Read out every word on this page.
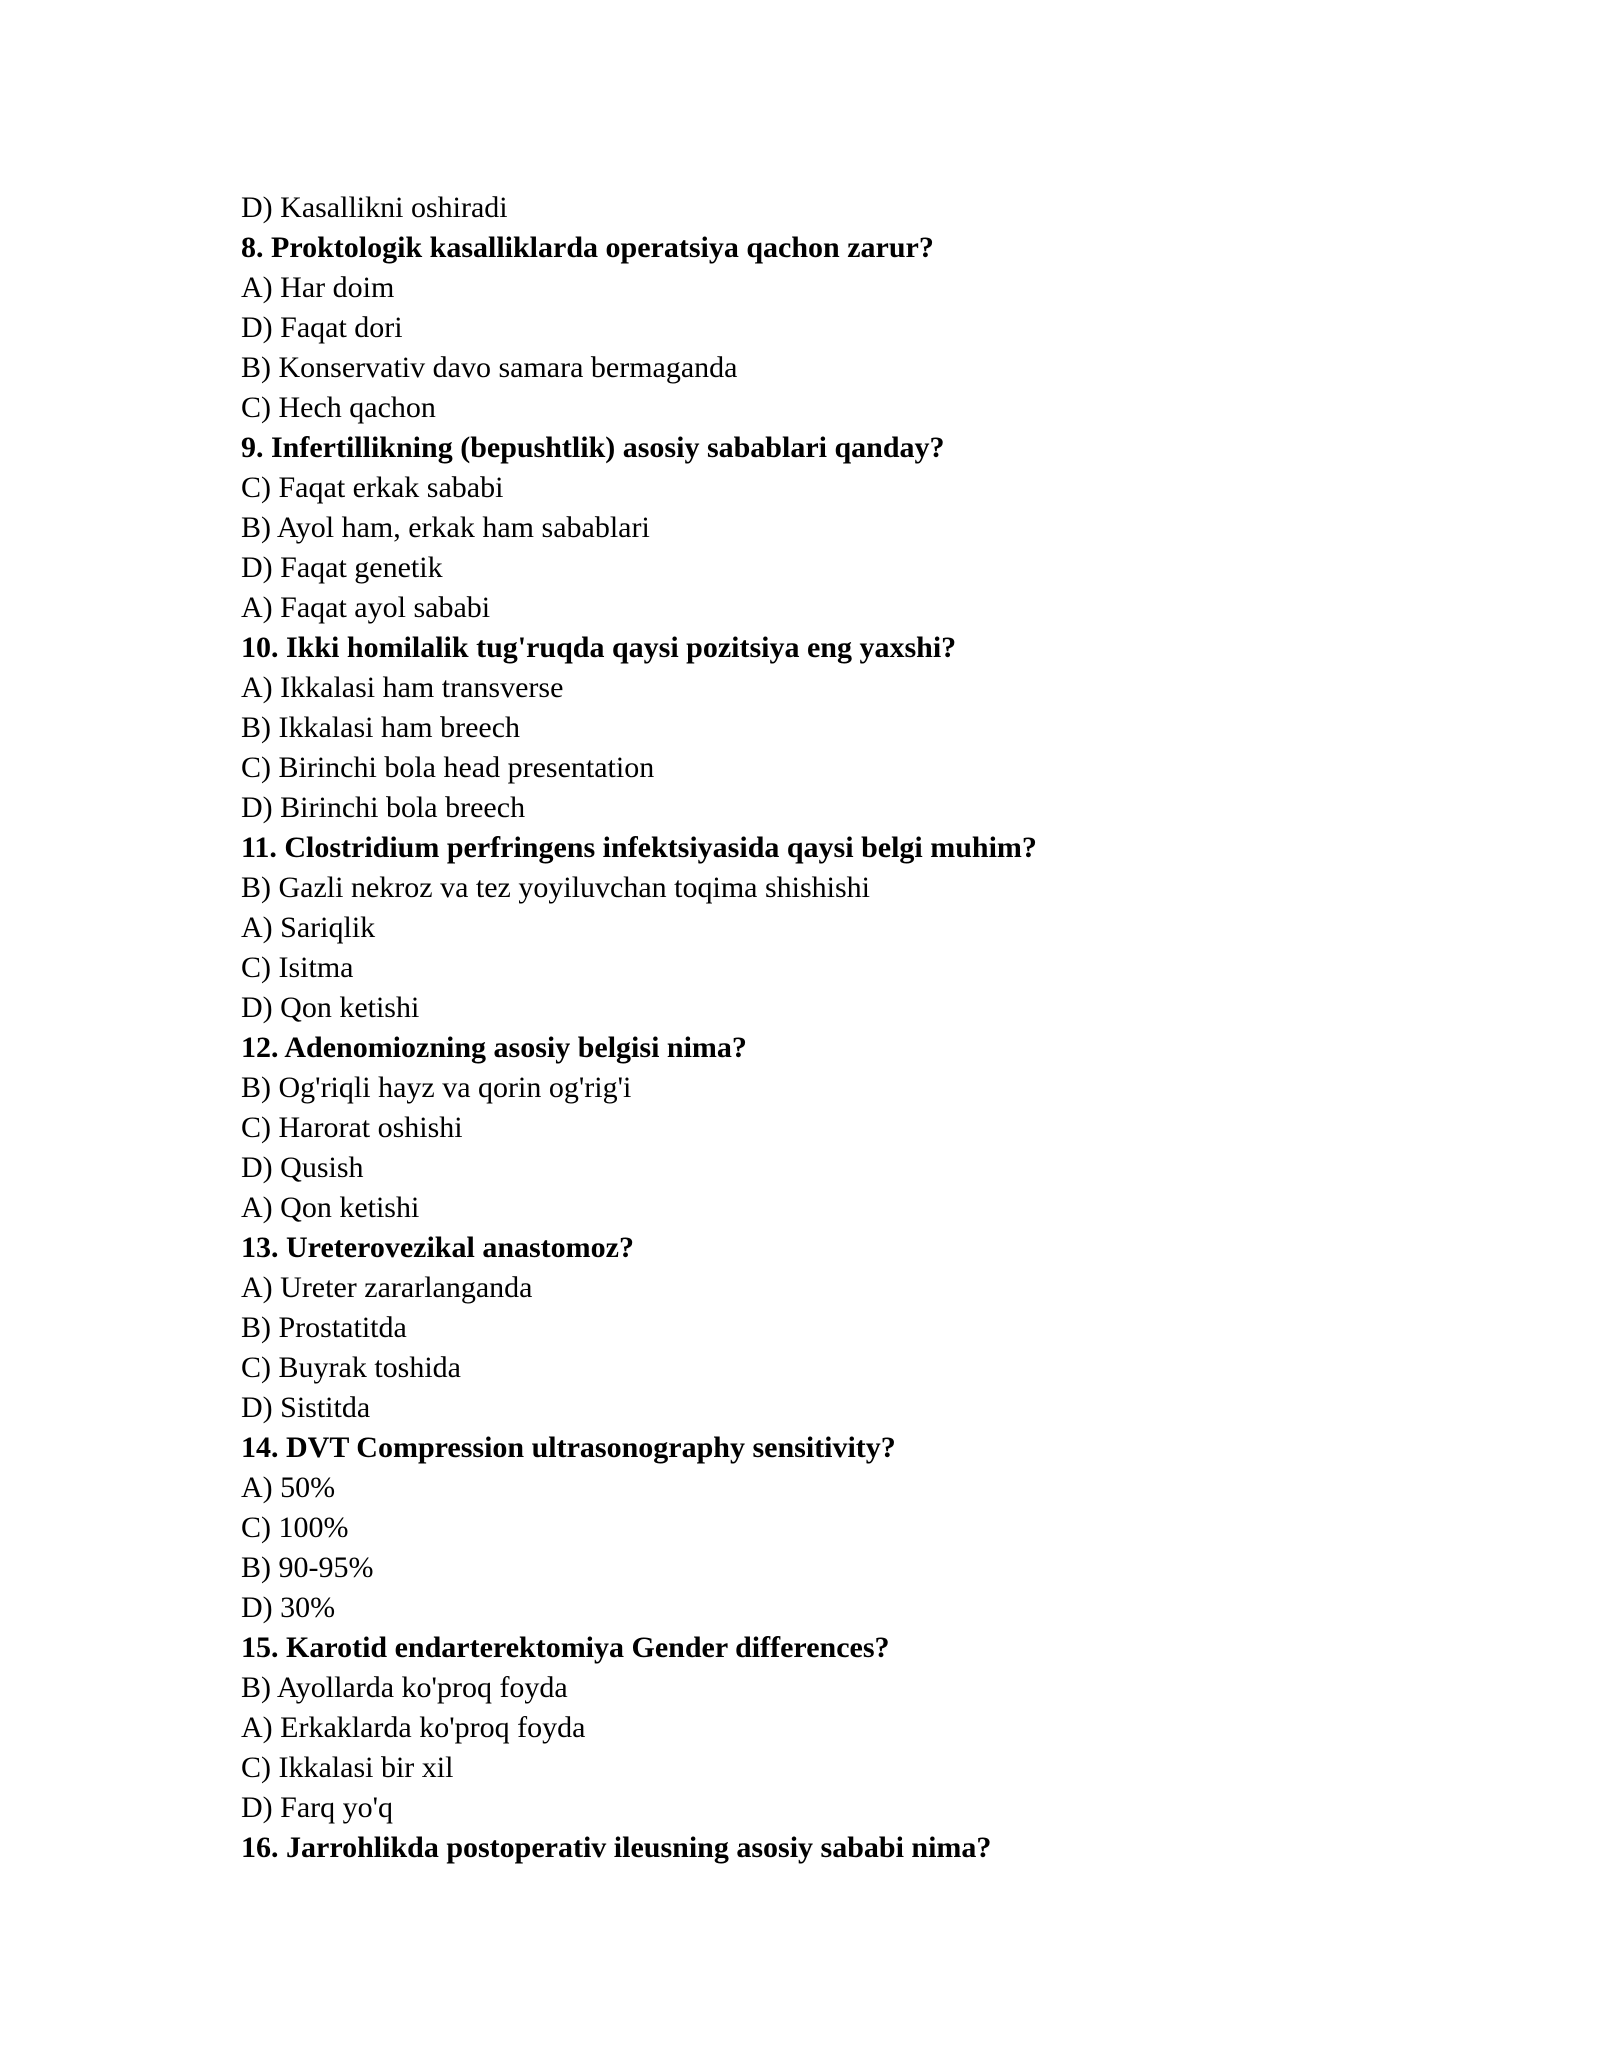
D) Kasallikni oshiradi
8. Proktologik kasalliklarda operatsiya qachon zarur?
A) Har doim
D) Faqat dori
B) Konservativ davo samara bermaganda
C) Hech qachon
9. Infertillikning (bepushtlik) asosiy sabablari qanday?
C) Faqat erkak sababi
B) Ayol ham, erkak ham sabablari
D) Faqat genetik
A) Faqat ayol sababi
10. Ikki homilalik tug'ruqda qaysi pozitsiya eng yaxshi?
A) Ikkalasi ham transverse
B) Ikkalasi ham breech
C) Birinchi bola head presentation
D) Birinchi bola breech
11. Clostridium perfringens infektsiyasida qaysi belgi muhim?
B) Gazli nekroz va tez yoyiluvchan toqima shishishi
A) Sariqlik
C) Isitma
D) Qon ketishi
12. Adenomiozning asosiy belgisi nima?
B) Og'riqli hayz va qorin og'rig'i
C) Harorat oshishi
D) Qusish
A) Qon ketishi
13. Ureterovezikal anastomoz?
A) Ureter zararlanganda
B) Prostatitda
C) Buyrak toshida
D) Sistitda
14. DVT Compression ultrasonography sensitivity?
A) 50%
C) 100%
B) 90-95%
D) 30%
15. Karotid endarterektomiya Gender differences?
B) Ayollarda ko'proq foyda
A) Erkaklarda ko'proq foyda
C) Ikkalasi bir xil
D) Farq yo'q
16. Jarrohlikda postoperativ ileusning asosiy sababi nima?
